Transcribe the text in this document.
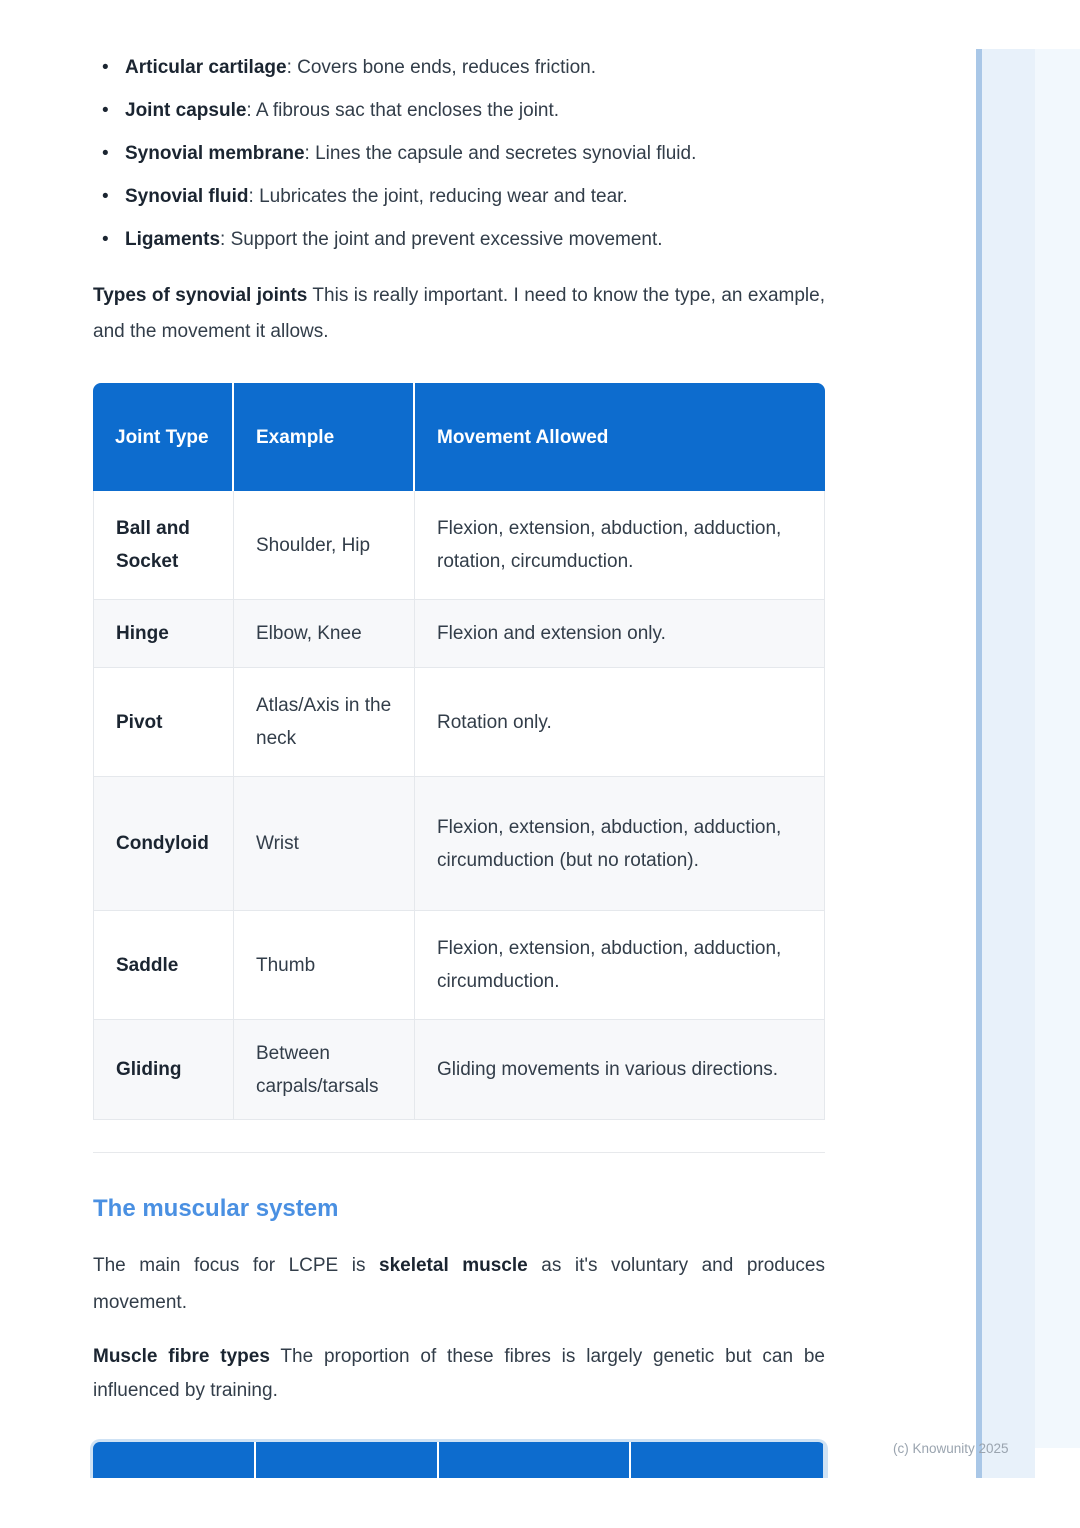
• Articular cartilage: Covers bone ends, reduces friction.
• Joint capsule: A fibrous sac that encloses the joint.
• Synovial membrane: Lines the capsule and secretes synovial fluid.
• Synovial fluid: Lubricates the joint, reducing wear and tear.
• Ligaments: Support the joint and prevent excessive movement.

Types of synovial joints This is really important. I need to know the type, an example, and the movement it allows.

Joint Type	Example	Movement Allowed
Ball and Socket	Shoulder, Hip	Flexion, extension, abduction, adduction, rotation, circumduction.
Hinge	Elbow, Knee	Flexion and extension only.
Pivot	Atlas/Axis in the neck	Rotation only.
Condyloid	Wrist	Flexion, extension, abduction, adduction, circumduction (but no rotation).
Saddle	Thumb	Flexion, extension, abduction, adduction, circumduction.
Gliding	Between carpals/tarsals	Gliding movements in various directions.
The muscular system

The main focus for LCPE is skeletal muscle as it's voluntary and produces movement.

Muscle fibre types The proportion of these fibres is largely genetic but can be influenced by training.

(c) Knowunity 2025
